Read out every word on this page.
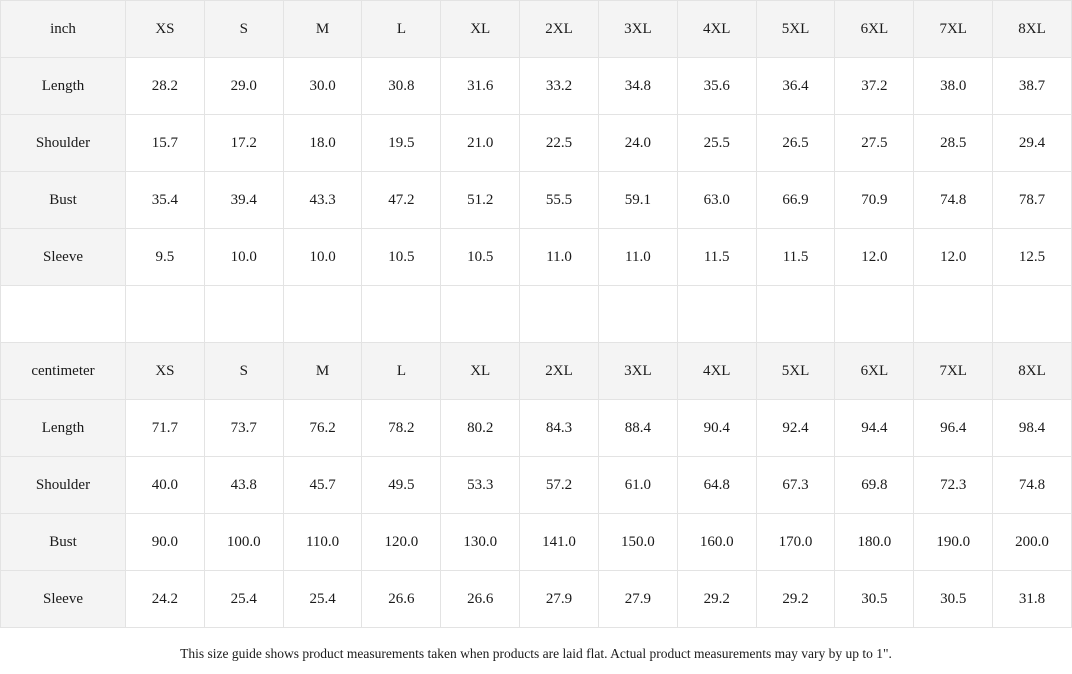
inch	XS	S	M	L	XL	2XL	3XL	4XL	5XL	6XL	7XL	8XL
Length	28.2	29.0	30.0	30.8	31.6	33.2	34.8	35.6	36.4	37.2	38.0	38.7
Shoulder	15.7	17.2	18.0	19.5	21.0	22.5	24.0	25.5	26.5	27.5	28.5	29.4
Bust	35.4	39.4	43.3	47.2	51.2	55.5	59.1	63.0	66.9	70.9	74.8	78.7
Sleeve	9.5	10.0	10.0	10.5	10.5	11.0	11.0	11.5	11.5	12.0	12.0	12.5

centimeter	XS	S	M	L	XL	2XL	3XL	4XL	5XL	6XL	7XL	8XL
Length	71.7	73.7	76.2	78.2	80.2	84.3	88.4	90.4	92.4	94.4	96.4	98.4
Shoulder	40.0	43.8	45.7	49.5	53.3	57.2	61.0	64.8	67.3	69.8	72.3	74.8
Bust	90.0	100.0	110.0	120.0	130.0	141.0	150.0	160.0	170.0	180.0	190.0	200.0
Sleeve	24.2	25.4	25.4	26.6	26.6	27.9	27.9	29.2	29.2	30.5	30.5	31.8
This size guide shows product measurements taken when products are laid flat. Actual product measurements may vary by up to 1".
